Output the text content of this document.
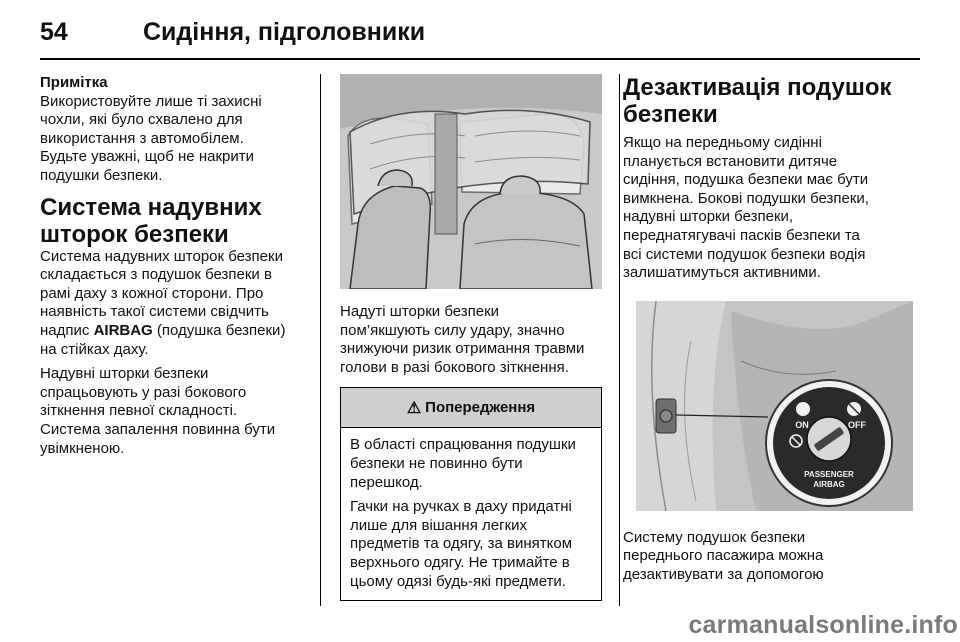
54	Сидіння, підголовники
Примітка
Використовуйте лише ті захисні
чохли, які було схвалено для
використання з автомобілем.
Будьте уважні, щоб не накрити
подушки безпеки.
Система надувних
шторок безпеки
Система надувних шторок безпеки
складається з подушок безпеки в
рамі даху з кожної сторони. Про
наявність такої системи свідчить
надпис AIRBAG (подушка безпеки)
на стійках даху.
Надувні шторки безпеки
спрацьовують у разі бокового
зіткнення певної складності.
Система запалення повинна бути
увімкненою.
Надуті шторки безпеки
пом’якшують силу удару, значно
знижуючи ризик отримання травми
голови в разі бокового зіткнення.
⚠ Попередження
В області спрацювання подушки
безпеки не повинно бути
перешкод.
Гачки на ручках в даху придатні
лише для вішання легких
предметів та одягу, за винятком
верхнього одягу. Не тримайте в
цьому одязі будь-які предмети.
Дезактивація подушок
безпеки
Якщо на передньому сидінні
планується встановити дитяче
сидіння, подушка безпеки має бути
вимкнена. Бокові подушки безпеки,
надувні шторки безпеки,
переднатягувачі пасків безпеки та
всі системи подушок безпеки водія
залишатимуться активними.
ON	OFF
PASSENGER
AIRBAG
Систему подушок безпеки
переднього пасажира можна
дезактивувати за допомогою
carmanualsonline.info
